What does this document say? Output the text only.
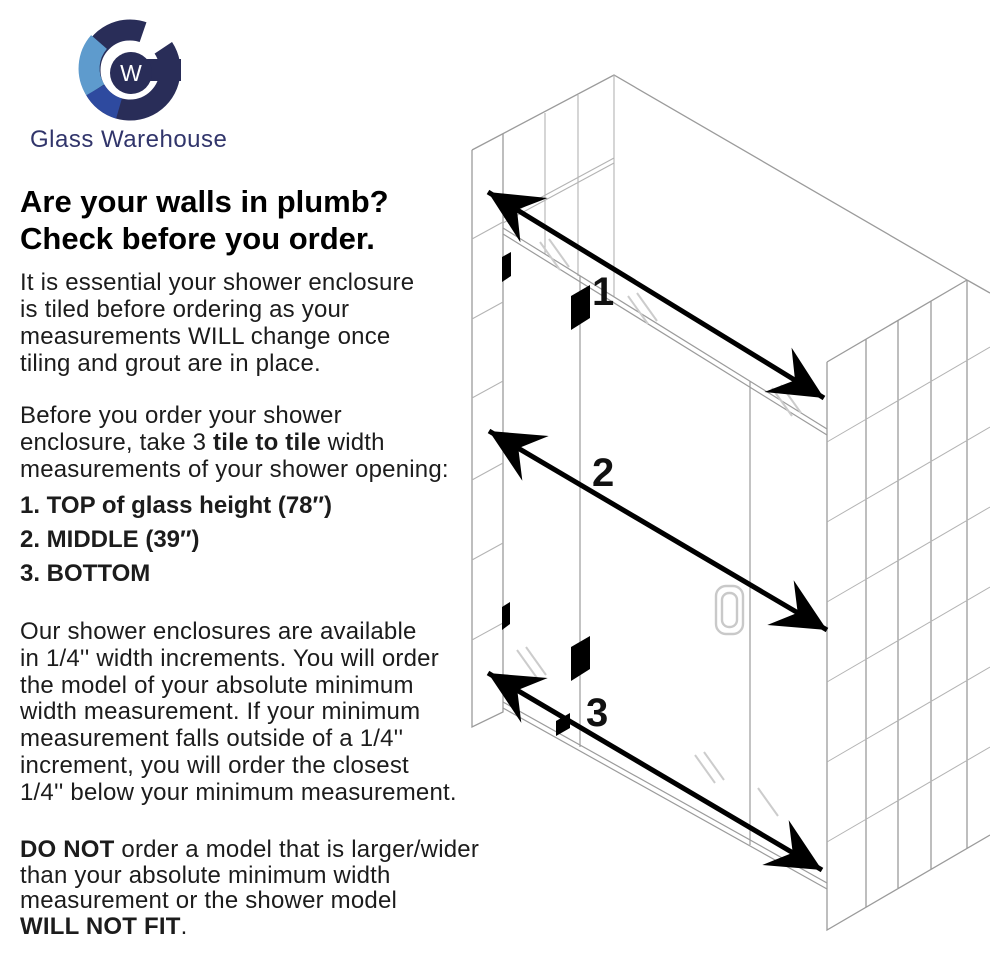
W
Glass Warehouse
Are your walls in plumb?
Check before you order.

It is essential your shower enclosure
is tiled before ordering as your
measurements WILL change once
tiling and grout are in place.

Before you order your shower
enclosure, take 3 tile to tile width
measurements of your shower opening:

1. TOP of glass height (78″)
2. MIDDLE (39″)
3. BOTTOM

Our shower enclosures are available
in 1/4'' width increments. You will order
the model of your absolute minimum
width measurement. If your minimum
measurement falls outside of a 1/4''
increment, you will order the closest
1/4'' below your minimum measurement.

DO NOT order a model that is larger/wider
than your absolute minimum width
measurement or the shower model
WILL NOT FIT.

1
2
3
